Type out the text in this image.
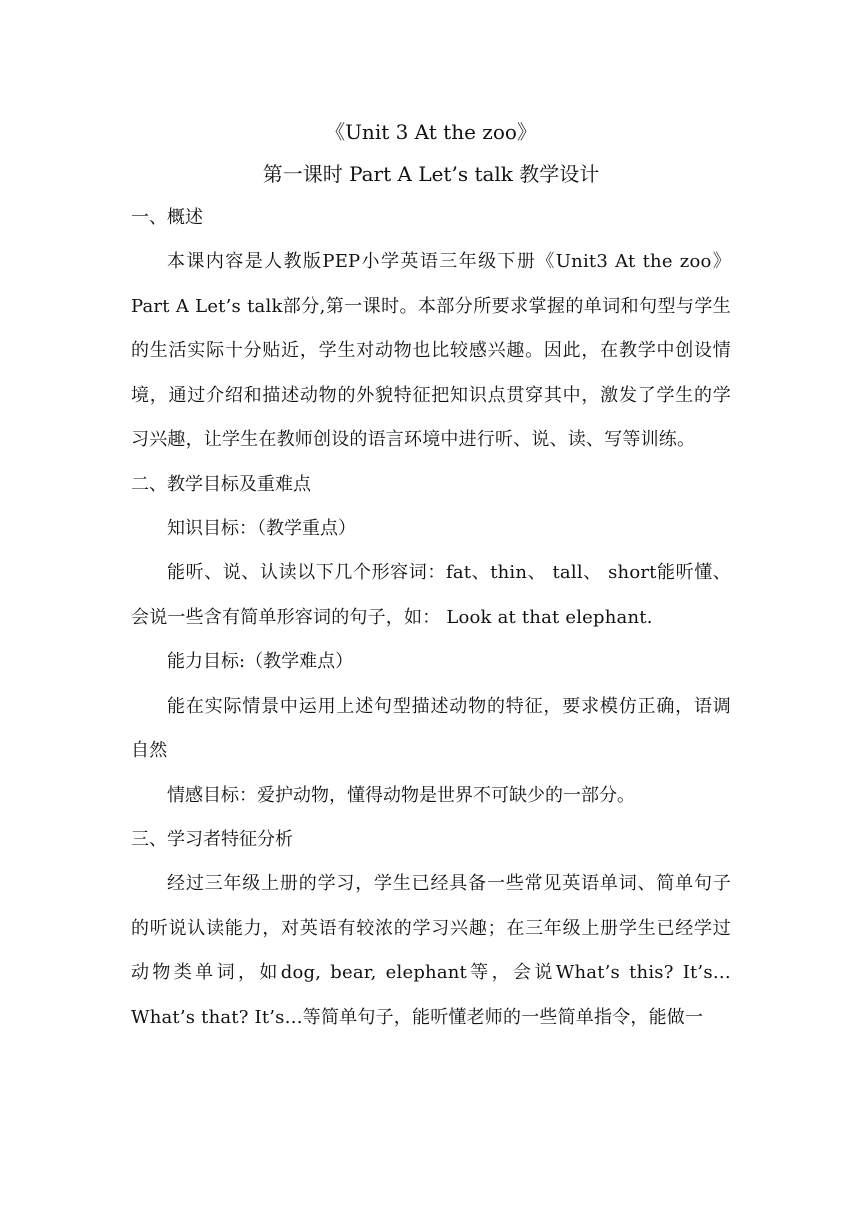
《Unit 3 At the zoo》

第一课时 Part A Let’s talk 教学设计

一、概述

本课内容是人教版PEP小学英语三年级下册《Unit3 At the zoo》Part A Let’s talk部分,第一课时。本部分所要求掌握的单词和句型与学生的生活实际十分贴近，学生对动物也比较感兴趣。因此，在教学中创设情境，通过介绍和描述动物的外貌特征把知识点贯穿其中，激发了学生的学习兴趣，让学生在教师创设的语言环境中进行听、说、读、写等训练。

二、教学目标及重难点

知识目标：（教学重点）

能听、说、认读以下几个形容词：fat、thin、 tall、 short能听懂、会说一些含有简单形容词的句子，如： Look at that elephant.

能力目标:（教学难点）

能在实际情景中运用上述句型描述动物的特征，要求模仿正确，语调自然

情感目标：爱护动物，懂得动物是世界不可缺少的一部分。

三、学习者特征分析

经过三年级上册的学习，学生已经具备一些常见英语单词、简单句子的听说认读能力，对英语有较浓的学习兴趣；在三年级上册学生已经学过动物类单词，如dog, bear, elephant等，会说What’s this? It’s… What’s that? It’s…等简单句子，能听懂老师的一些简单指令，能做一
